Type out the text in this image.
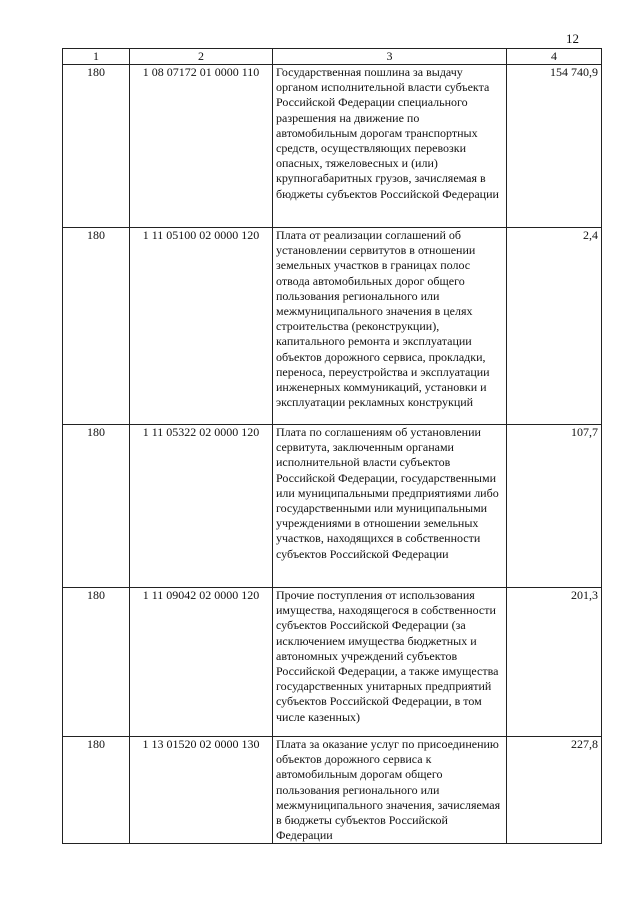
12
1	2	3	4
180	1 08 07172 01 0000 110	Государственная пошлина за выдачу органом исполнительной власти субъекта Российской Федерации специального разрешения на движение по автомобильным дорогам транспортных средств, осуществляющих перевозки опасных, тяжеловесных и (или) крупногабаритных грузов, зачисляемая в бюджеты субъектов Российской Федерации	154 740,9
180	1 11 05100 02 0000 120	Плата от реализации соглашений об установлении сервитутов в отношении земельных участков в границах полос отвода автомобильных дорог общего пользования регионального или межмуниципального значения в целях строительства (реконструкции), капитального ремонта и эксплуатации объектов дорожного сервиса, прокладки, переноса, переустройства и эксплуатации инженерных коммуникаций, установки и эксплуатации рекламных конструкций	2,4
180	1 11 05322 02 0000 120	Плата по соглашениям об установлении сервитута, заключенным органами исполнительной власти субъектов Российской Федерации, государственными или муниципальными предприятиями либо государственными или муниципальными учреждениями в отношении земельных участков, находящихся в собственности субъектов Российской Федерации	107,7
180	1 11 09042 02 0000 120	Прочие поступления от использования имущества, находящегося в собственности субъектов Российской Федерации (за исключением имущества бюджетных и автономных учреждений субъектов Российской Федерации, а также имущества государственных унитарных предприятий субъектов Российской Федерации, в том числе казенных)	201,3
180	1 13 01520 02 0000 130	Плата за оказание услуг по присоединению объектов дорожного сервиса к автомобильным дорогам общего пользования регионального или межмуниципального значения, зачисляемая в бюджеты субъектов Российской Федерации	227,8
